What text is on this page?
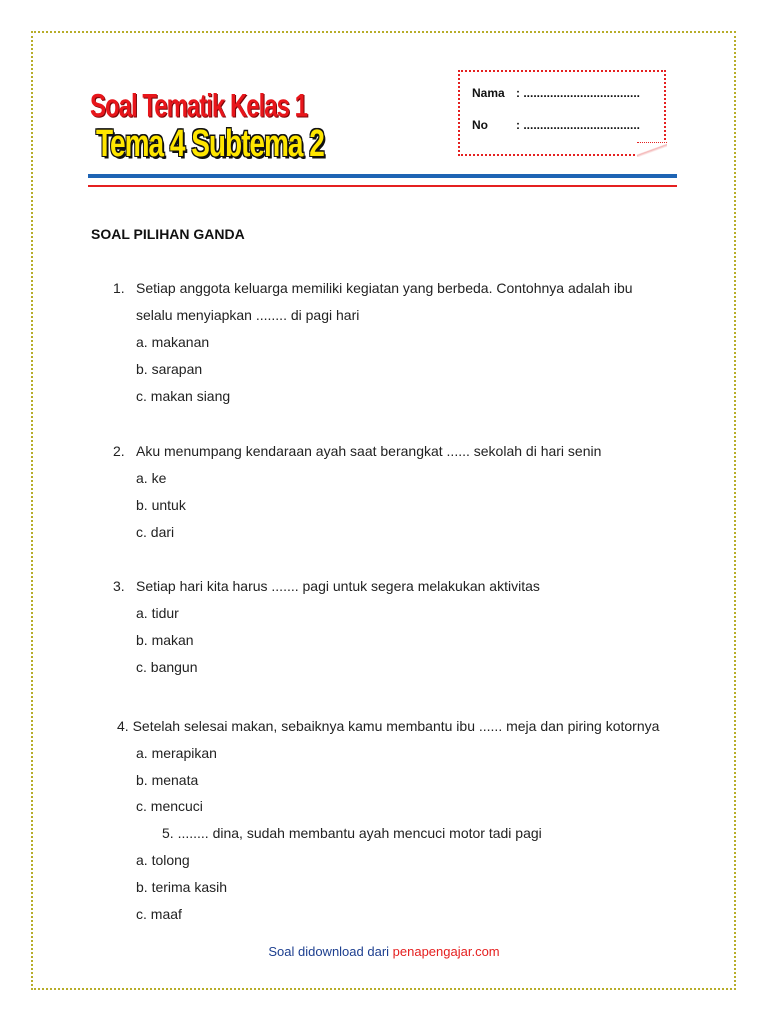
Soal Tematik Kelas 1
Tema 4 Subtema 2
Nama : ...................................
No : ...................................
SOAL PILIHAN GANDA
1. Setiap anggota keluarga memiliki kegiatan yang berbeda. Contohnya adalah ibu
selalu menyiapkan ........ di pagi hari
a. makanan
b. sarapan
c. makan siang
2. Aku menumpang kendaraan ayah saat berangkat ...... sekolah di hari senin
a. ke
b. untuk
c. dari
3. Setiap hari kita harus ....... pagi untuk segera melakukan aktivitas
a. tidur
b. makan
c. bangun
4. Setelah selesai makan, sebaiknya kamu membantu ibu ...... meja dan piring kotornya
a. merapikan
b. menata
c. mencuci
5. ........ dina, sudah membantu ayah mencuci motor tadi pagi
a. tolong
b. terima kasih
c. maaf
Soal didownload dari penapengajar.com
